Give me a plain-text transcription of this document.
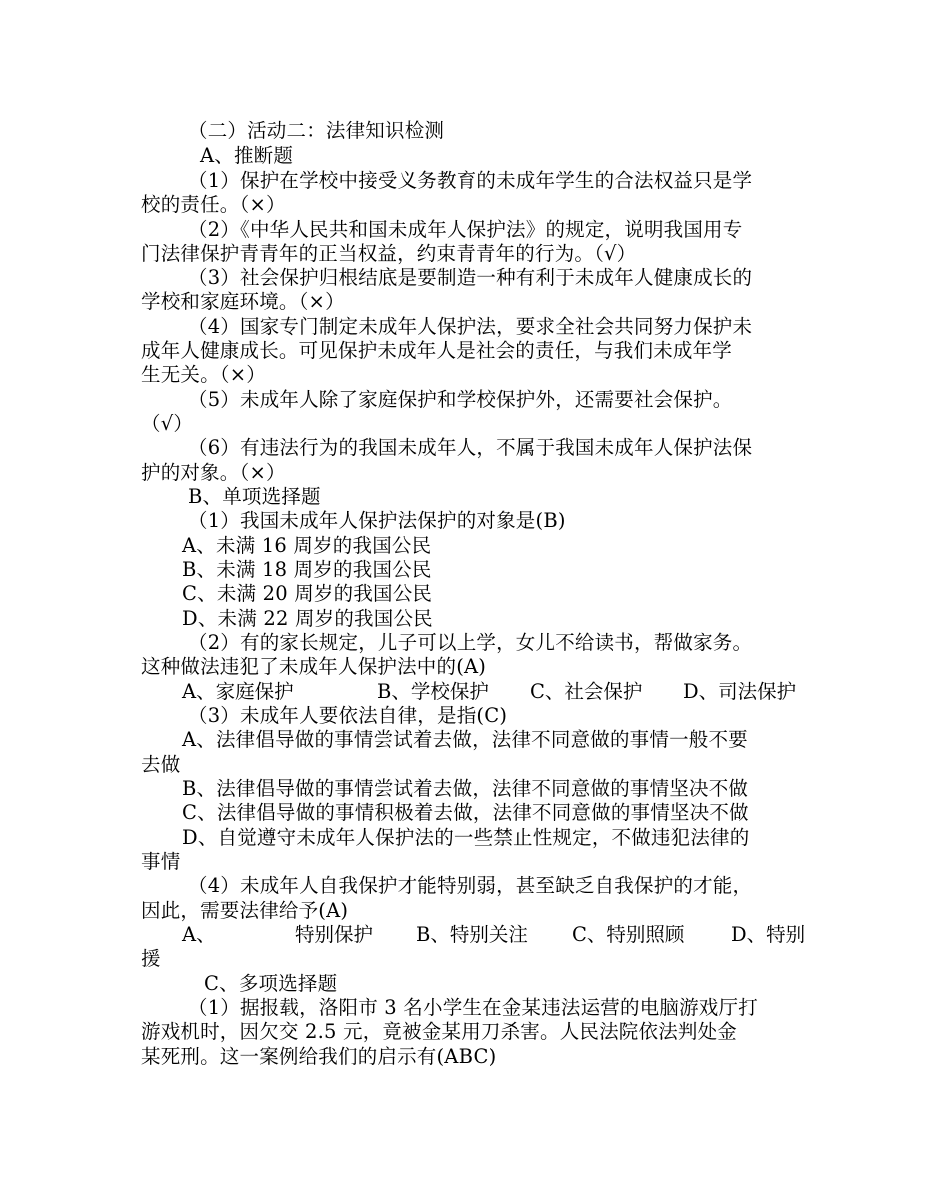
（二）活动二：法律知识检测
A、推断题
（1）保护在学校中接受义务教育的未成年学生的合法权益只是学
校的责任。（×）
（2）《中华人民共和国未成年人保护法》的规定，说明我国用专
门法律保护青青年的正当权益，约束青青年的行为。（√）
（3）社会保护归根结底是要制造一种有利于未成年人健康成长的
学校和家庭环境。（×）
（4）国家专门制定未成年人保护法，要求全社会共同努力保护未
成年人健康成长。可见保护未成年人是社会的责任，与我们未成年学
生无关。（×）
（5）未成年人除了家庭保护和学校保护外，还需要社会保护。
（√）
（6）有违法行为的我国未成年人，不属于我国未成年人保护法保
护的对象。（×）
B、单项选择题
（1）我国未成年人保护法保护的对象是(B)
A、未满 16 周岁的我国公民
B、未满 18 周岁的我国公民
C、未满 20 周岁的我国公民
D、未满 22 周岁的我国公民
（2）有的家长规定，儿子可以上学，女儿不给读书，帮做家务。
这种做法违犯了未成年人保护法中的(A)
A、家庭保护	B、学校保护 C、社会保护 D、司法保护
（3）未成年人要依法自律，是指(C)
A、法律倡导做的事情尝试着去做，法律不同意做的事情一般不要
去做
B、法律倡导做的事情尝试着去做，法律不同意做的事情坚决不做
C、法律倡导做的事情积极着去做，法律不同意做的事情坚决不做
D、自觉遵守未成年人保护法的一些禁止性规定，不做违犯法律的
事情
（4）未成年人自我保护才能特别弱，甚至缺乏自我保护的才能，
因此，需要法律给予(A)
A、	特别保护 B、特别关注 C、特别照顾 D、特别
援
C、多项选择题
（1）据报载，洛阳市 3 名小学生在金某违法运营的电脑游戏厅打
游戏机时，因欠交 2.5 元，竟被金某用刀杀害。人民法院依法判处金
某死刑。这一案例给我们的启示有(ABC)
